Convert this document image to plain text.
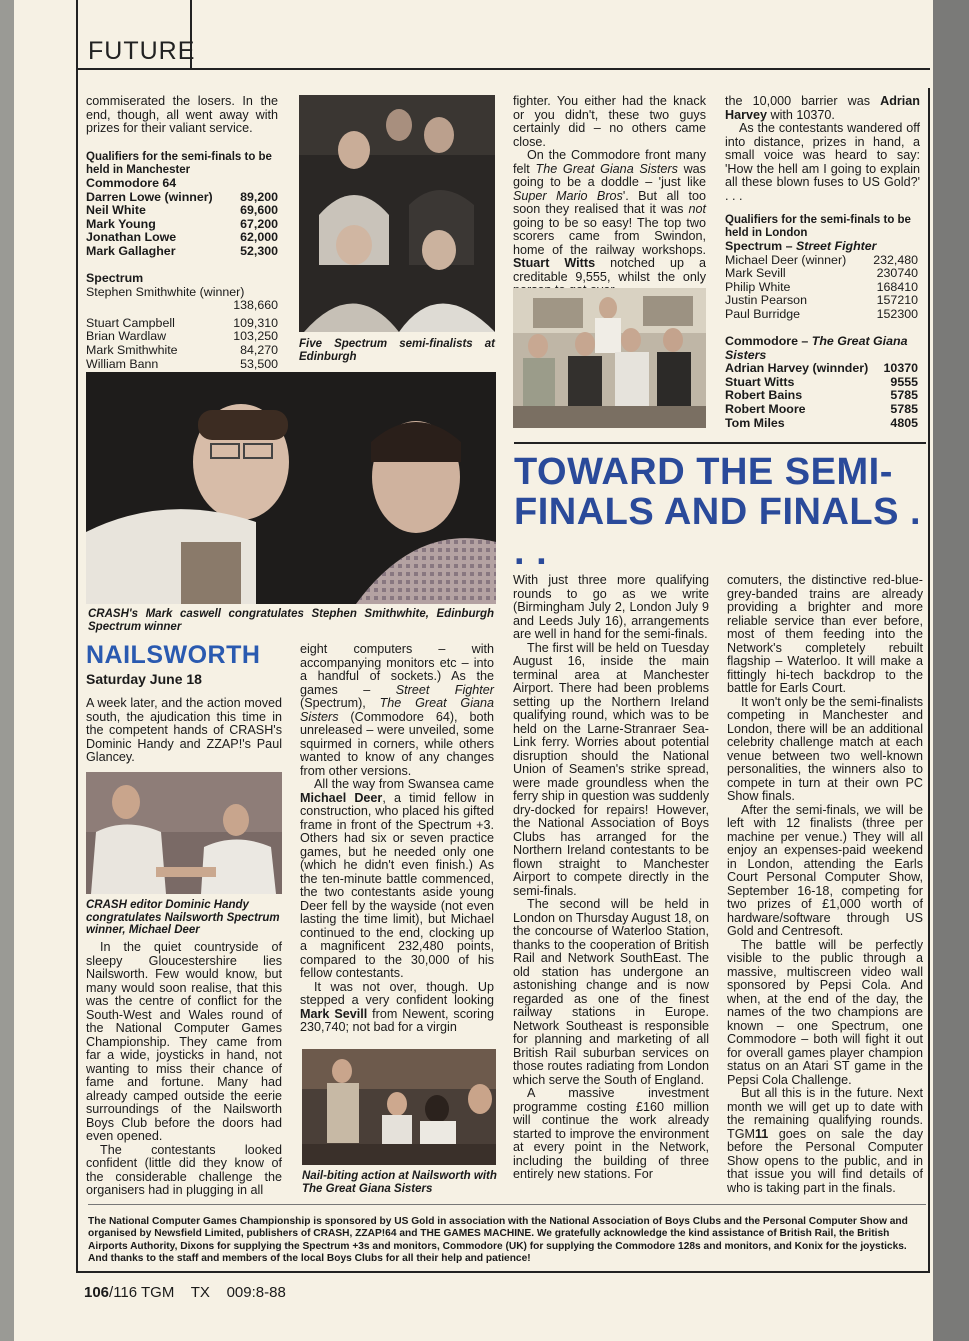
FUTURE

commiserated the losers. In the end, though, all went away with prizes for their valiant service.

Qualifiers for the semi-finals to be held in Manchester
Commodore 64
Darren Lowe (winner) 89,200
Neil White	69,600
Mark Young	67,200
Jonathan Lowe	62,000
Mark Gallagher	52,300
Spectrum
Stephen Smithwhite (winner)
138,660
Stuart Campbell	109,310
Brian Wardlaw	103,250
Mark Smithwhite	84,270
William Bann	53,500
Five Spectrum semi-finalists at Edinburgh
CRASH's Mark caswell congratulates Stephen Smithwhite, Edinburgh Spectrum winner

fighter. You either had the knack or you didn't, these two guys certainly did – no others came close.

On the Commodore front many felt The Great Giana Sisters was going to be a doddle – 'just like Super Mario Bros'. But all too soon they realised that it was not going to be so easy! The top two scorers came from Swindon, home of the railway workshops. Stuart Witts notched up a creditable 9,555, whilst the only

the 10,000 barrier was Adrian Harvey with 10370.

As the contestants wandered off into distance, prizes in hand, a small voice was heard to say: 'How the hell am I going to explain all these blown fuses to US Gold?' . . .

Qualifiers for the semi-finals to be held in London
Spectrum – Street Fighter
Michael Deer (winner) 232,480
Mark Sevill	230740
Philip White	168410
Justin Pearson	157210
Paul Burridge	152300
Commodore – The Great Giana Sisters
Adrian Harvey (winnder) 10370
Stuart Witts	9555
Robert Bains	5785
Robert Moore	5785
Tom Miles	4805
TOWARD THE SEMI-FINALS AND FINALS . . .
NAILSWORTH
Saturday June 18

A week later, and the action moved south, the ajudication this time in the competent hands of CRASH's Dominic Handy and ZZAP!'s Paul Glancey.

CRASH editor Dominic Handy congratulates Nailsworth Spectrum winner, Michael Deer

In the quiet countryside of sleepy Gloucestershire lies Nailsworth. Few would know, but many would soon realise, that this was the centre of conflict for the South-West and Wales round of the National Computer Games Championship. They came from far a wide, joysticks in hand, not wanting to miss their chance of fame and fortune. Many had already camped outside the eerie surroundings of the Nailsworth Boys Club before the doors had even opened.

The contestants looked confident (little did they know of the considerable challenge the organisers had in plugging in all

eight computers – with accompanying monitors etc – into a handful of sockets.) As the games – Street Fighter (Spectrum), The Great Giana Sisters (Commodore 64), both unreleased – were unveiled, some squirmed in corners, while others wanted to know of any changes from other versions.

All the way from Swansea came Michael Deer, a timid fellow in construction, who placed his gifted frame in front of the Spectrum +3. Others had six or seven practice games, but he needed only one (which he didn't even finish.) As the ten-minute battle commenced, the two contestants aside young Deer fell by the wayside (not even lasting the time limit), but Michael continued to the end, clocking up a magnificent 232,480 points, compared to the 30,000 of his fellow contestants.

It was not over, though. Up stepped a very confident looking Mark Sevill from Newent, scoring 230,740; not bad for a virgin

Nail-biting action at Nailsworth with The Great Giana Sisters

With just three more qualifying rounds to go as we write (Birmingham July 2, London July 9 and Leeds July 16), arrangements are well in hand for the semi-finals.

The first will be held on Tuesday August 16, inside the main terminal area at Manchester Airport. There had been problems setting up the Northern Ireland qualifying round, which was to be held on the Larne-Stranraer Sea-Link ferry. Worries about potential disruption should the National Union of Seamen's strike spread, were made groundless when the ferry ship in question was suddenly dry-docked for repairs! However, the National Association of Boys Clubs has arranged for the Northern Ireland contestants to be flown straight to Manchester Airport to compete directly in the semi-finals.

The second will be held in London on Thursday August 18, on the concourse of Waterloo Station, thanks to the cooperation of British Rail and Network SouthEast. The old station has undergone an astonishing change and is now regarded as one of the finest railway stations in Europe. Network Southeast is responsible for planning and marketing of all British Rail suburban services on those routes radiating from London which serve the South of England.

A massive investment programme costing £160 million will continue the work already started to improve the environment at every point in the Network, including the building of three entirely new stations. For

comuters, the distinctive red-blue-grey-banded trains are already providing a brighter and more reliable service than ever before, most of them feeding into the Network's completely rebuilt flagship – Waterloo. It will make a fittingly hi-tech backdrop to the battle for Earls Court.

It won't only be the semi-finalists competing in Manchester and London, there will be an additional celebrity challenge match at each venue between two well-known personalities, the winners also to compete in turn at their own PC Show finals.

After the semi-finals, we will be left with 12 finalists (three per machine per venue.) They will all enjoy an expenses-paid weekend in London, attending the Earls Court Personal Computer Show, September 16-18, competing for two prizes of £1,000 worth of hardware/software through US Gold and Centresoft.

The battle will be perfectly visible to the public through a massive, multiscreen video wall sponsored by Pepsi Cola. And when, at the end of the day, the names of the two champions are known – one Spectrum, one Commodore – both will fight it out for overall games player champion status on an Atari ST game in the Pepsi Cola Challenge.

But all this is in the future. Next month we will get up to date with the remaining qualifying rounds. TGM11 goes on sale the day before the Personal Computer Show opens to the public, and in that issue you will find details of who is taking part in the finals.

The National Computer Games Championship is sponsored by US Gold in association with the National Association of Boys Clubs and the Personal Computer Show and organised by Newsfield Limited, publishers of CRASH, ZZAP!64 and THE GAMES MACHINE. We gratefully acknowledge the kind assistance of British Rail, the British Airports Authority, Dixons for supplying the Spectrum +3s and monitors, Commodore (UK) for supplying the Commodore 128s and monitors, and Konix for the joysticks. And thanks to the staff and members of the local Boys Clubs for all their help and patience!
106/116 TGM    TX    009:8-88
